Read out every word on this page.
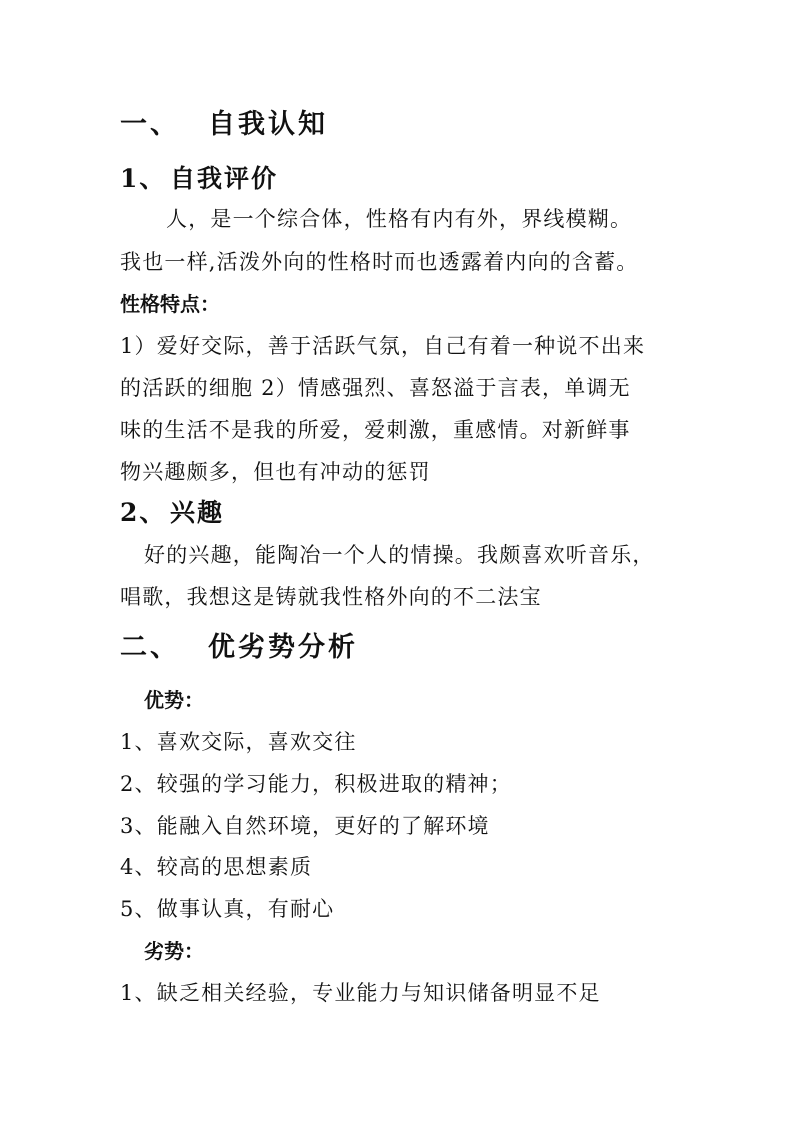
一、 自我认知
1、 自我评价
人，是一个综合体，性格有内有外，界线模糊。
我也一样,活泼外向的性格时而也透露着内向的含蓄。
性格特点：
1）爱好交际，善于活跃气氛，自己有着一种说不出来
的活跃的细胞 2）情感强烈、喜怒溢于言表，单调无
味的生活不是我的所爱，爱刺激，重感情。对新鲜事
物兴趣颇多，但也有冲动的惩罚
2、 兴趣
好的兴趣，能陶冶一个人的情操。我颇喜欢听音乐，
唱歌，我想这是铸就我性格外向的不二法宝
二、 优劣势分析
优势：
1、喜欢交际，喜欢交往
2、较强的学习能力，积极进取的精神；
3、能融入自然环境，更好的了解环境
4、较高的思想素质
5、做事认真，有耐心
劣势：
1、缺乏相关经验，专业能力与知识储备明显不足
